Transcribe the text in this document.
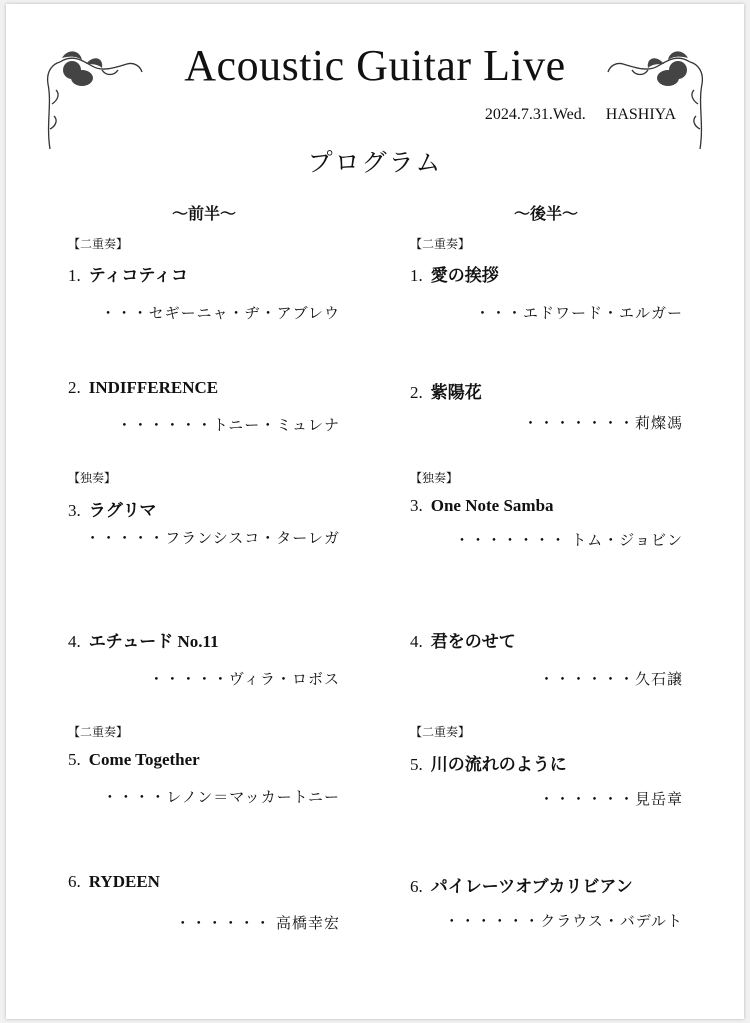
Acoustic Guitar Live
2024.7.31.Wed. HASHIYA
プログラム
〜前半〜
【二重奏】
1. ティコティコ
・・・セギーニャ・ヂ・アブレウ
2. INDIFFERENCE
・・・・・・トニー・ミュレナ
【独奏】
3. ラグリマ
・・・・・フランシスコ・ターレガ
4. エチュード No.11
・・・・・ヴィラ・ロボス
【二重奏】
5. Come Together
・・・・レノン＝マッカートニー
6. RYDEEN
・・・・・・ 高橋幸宏
〜後半〜
【二重奏】
1. 愛の挨拶
・・・エドワード・エルガー
2. 紫陽花
・・・・・・・莉燦馮
【独奏】
3. One Note Samba
・・・・・・・ トム・ジョビン
4. 君をのせて
・・・・・・久石譲
【二重奏】
5. 川の流れのように
・・・・・・見岳章
6. パイレーツオブカリビアン
・・・・・・クラウス・バデルト
